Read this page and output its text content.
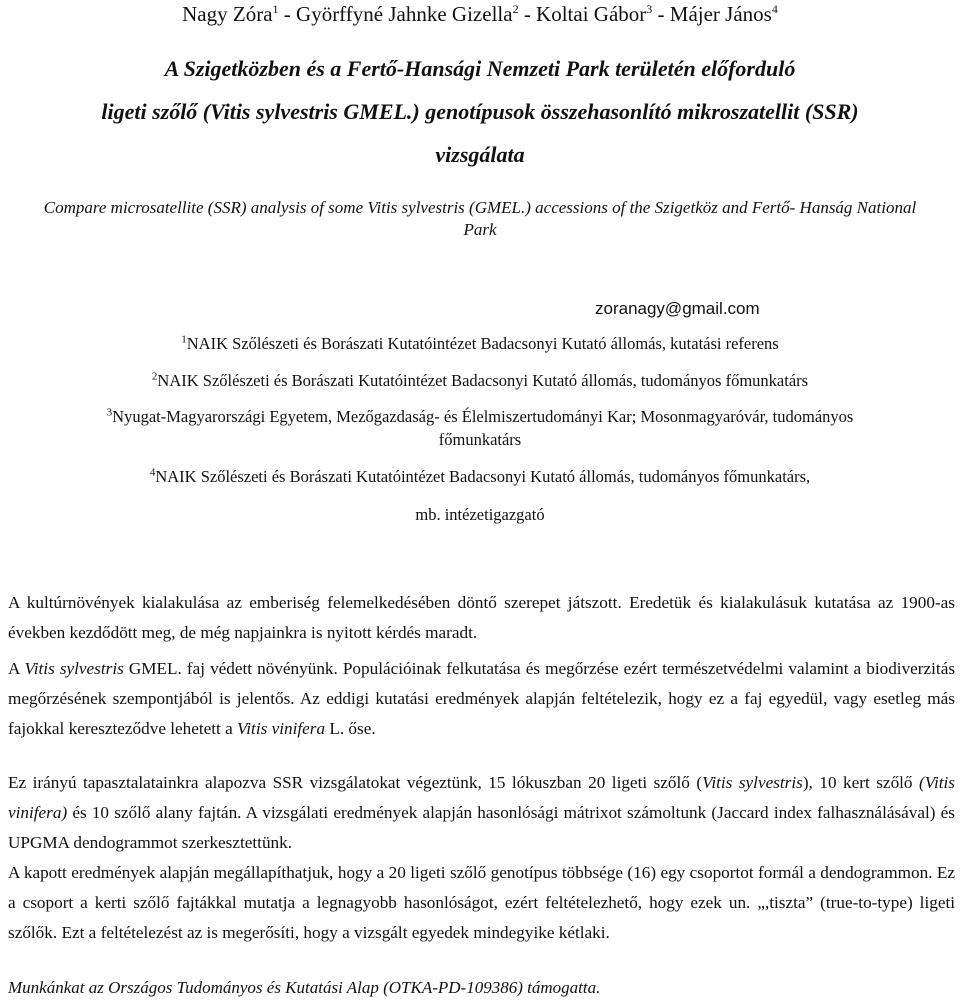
Nagy Zóra$^1$ - Györffyné Jahnke Gizella$^2$ - Koltai Gábor$^3$ - Májer János$^4$
A Szigetközben és a Fertő-Hansági Nemzeti Park területén előforduló
ligeti szőlő (Vitis sylvestris GMEL.) genotípusok összehasonlító mikroszatellit (SSR)
vizsgálata
Compare microsatellite (SSR) analysis of some Vitis sylvestris (GMEL.) accessions of the Szigetköz and Fertő- Hanság National
Park
zoranagy@gmail.com
$^1$NAIK Szőlészeti és Borászati Kutatóintézet Badacsonyi Kutató állomás, kutatási referens
$^2$NAIK Szőlészeti és Borászati Kutatóintézet Badacsonyi Kutató állomás, tudományos főmunkatárs
$^3$Nyugat-Magyarországi Egyetem, Mezőgazdaság- és Élelmiszertudományi Kar; Mosonmagyaróvár, tudományos
főmunkatárs
$^4$NAIK Szőlészeti és Borászati Kutatóintézet Badacsonyi Kutató állomás, tudományos főmunkatárs,
mb. intézetigazgató
A kultúrnövények kialakulása az emberiség felemelkedésében döntő szerepet játszott. Eredetük és kialakulásuk kutatása az 1900-as években kezdődött meg, de még napjainkra is nyitott kérdés maradt.
A Vitis sylvestris GMEL. faj védett növényünk. Populációinak felkutatása és megőrzése ezért természetvédelmi valamint a biodiverzitás megőrzésének szempontjából is jelentős. Az eddigi kutatási eredmények alapján feltételezik, hogy ez a faj egyedül, vagy esetleg más fajokkal kereszteződve lehetett a Vitis vinifera L. őse.
Ez irányú tapasztalatainkra alapozva SSR vizsgálatokat végeztünk, 15 lókuszban 20 ligeti szőlő (Vitis sylvestris), 10 kert szőlő (Vitis vinifera) és 10 szőlő alany fajtán. A vizsgálati eredmények alapján hasonlósági mátrixot számoltunk (Jaccard index falhasználásával) és UPGMA dendogrammot szerkesztettünk.
A kapott eredmények alapján megállapíthatjuk, hogy a 20 ligeti szőlő genotípus többsége (16) egy csoportot formál a dendogrammon. Ez a csoport a kerti szőlő fajtákkal mutatja a legnagyobb hasonlóságot, ezért feltételezhető, hogy ezek un. „,tiszta” (true-to-type) ligeti szőlők. Ezt a feltételezést az is megerősíti, hogy a vizsgált egyedek mindegyike kétlaki.
Munkánkat az Országos Tudományos és Kutatási Alap (OTKA-PD-109386) támogatta.
